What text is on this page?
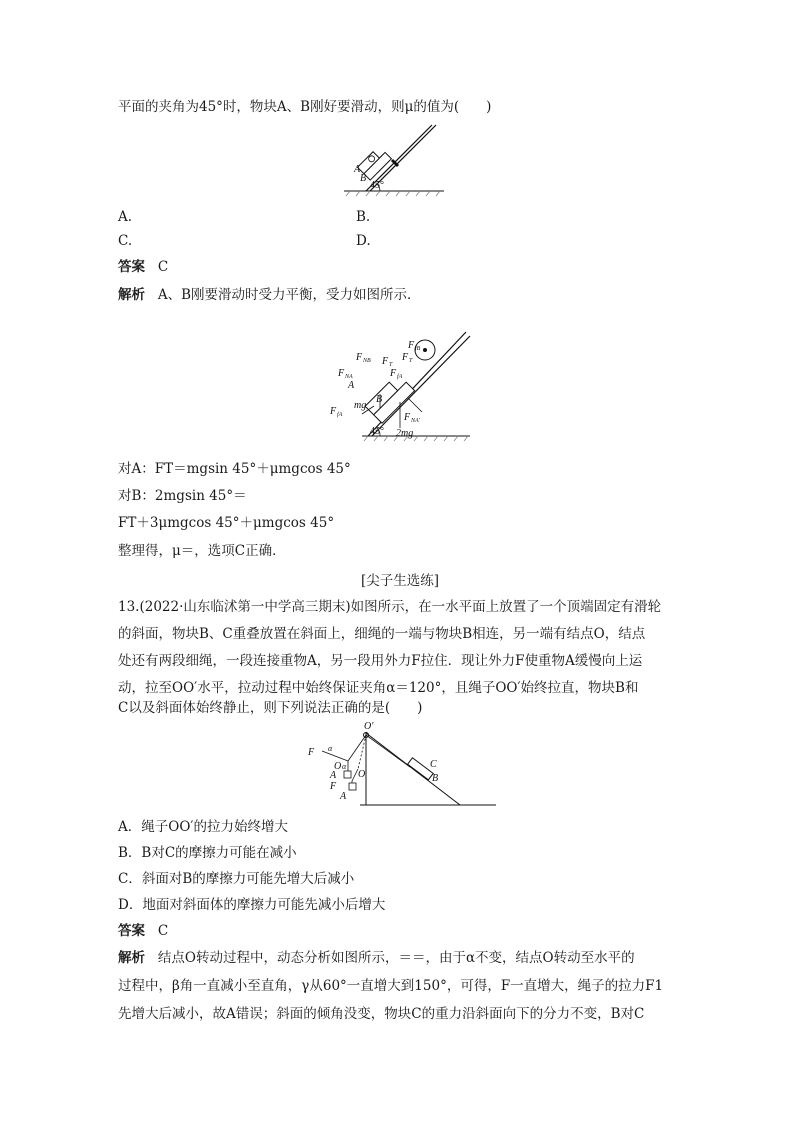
平面的夹角为45°时，物块A、B刚好要滑动，则μ的值为(　　)
A
B
45°
A.	B.
C.	D.
答案 C
解析 A、B刚要滑动时受力平衡，受力如图所示．
F NB
F NA
F T
F T
F fB
F fA
F fA	F NA′
A
B
mg
2mg
45°
对A：FT＝mgsin 45°＋μmgcos 45°
对B：2mgsin 45°＝
FT＋3μmgcos 45°＋μmgcos 45°
整理得，μ＝，选项C正确．
[尖子生选练]
13.(2022·山东临沭第一中学高三期末)如图所示，在一水平面上放置了一个顶端固定有滑轮
的斜面，物块B、C重叠放置在斜面上，细绳的一端与物块B相连，另一端有结点O，结点
处还有两段细绳，一段连接重物A，另一段用外力F拉住．现让外力F使重物A缓慢向上运
动，拉至OO′水平，拉动过程中始终保证夹角α＝120°，且绳子OO′始终拉直，物块B和
C以及斜面体始终静止，则下列说法正确的是(　　)
O′
F α
O α
A O
F
A
C
B
A．绳子OO′的拉力始终增大
B．B对C的摩擦力可能在减小
C．斜面对B的摩擦力可能先增大后减小
D．地面对斜面体的摩擦力可能先减小后增大
答案 C
解析 结点O转动过程中，动态分析如图所示，＝＝，由于α不变，结点O转动至水平的
过程中，β角一直减小至直角，γ从60°一直增大到150°，可得，F一直增大，绳子的拉力F1
先增大后减小，故A错误；斜面的倾角没变，物块C的重力沿斜面向下的分力不变，B对C
